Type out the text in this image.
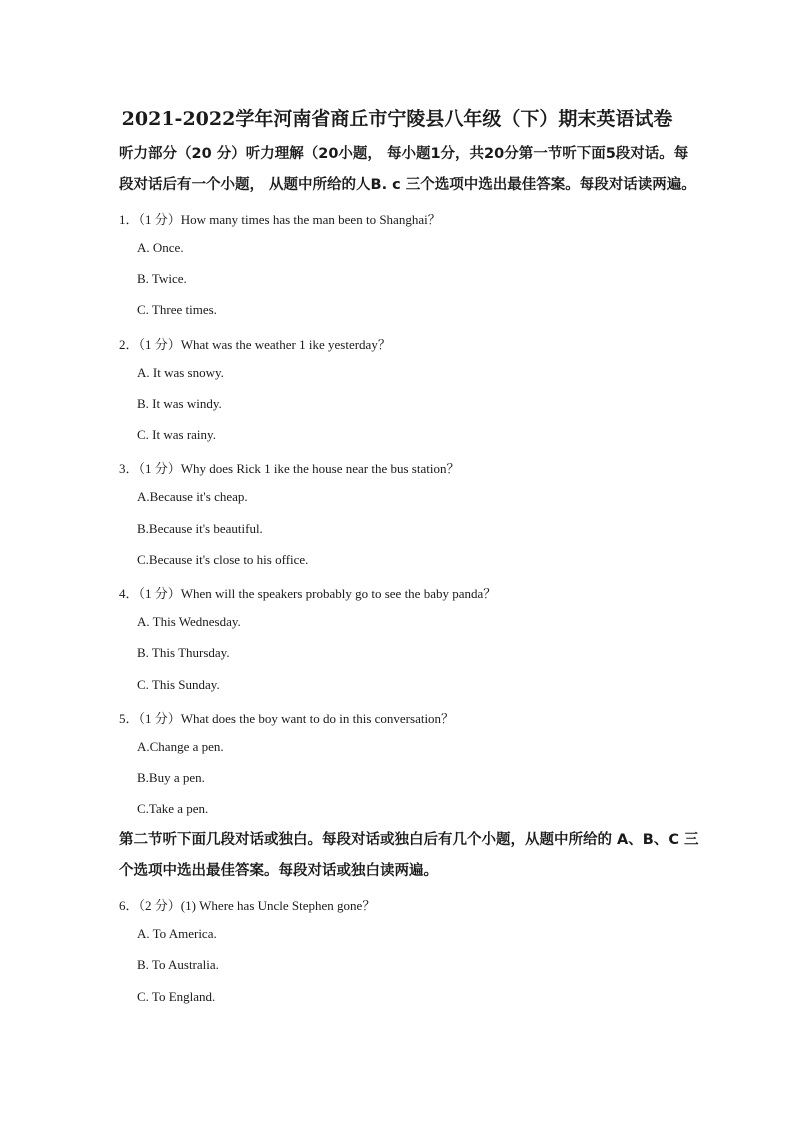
2021-2022学年河南省商丘市宁陵县八年级（下）期末英语试卷
听力部分（20 分）听力理解（20小题， 每小题1分，共20分第一节听下面5段对话。每
段对话后有一个小题， 从题中所给的人B. c 三个选项中选出最佳答案。每段对话读两遍。
1．（1 分）How many times has the man been to Shanghai？
A. Once.
B. Twice.
C. Three times.
2．（1 分）What was the weather 1 ike yesterday？
A. It was snowy.
B. It was windy.
C. It was rainy.
3．（1 分）Why does Rick 1 ike the house near the bus station？
A.Because it's cheap.
B.Because it's beautiful.
C.Because it's close to his office.
4．（1 分）When will the speakers probably go to see the baby panda？
A. This Wednesday.
B. This Thursday.
C. This Sunday.
5．（1 分）What does the boy want to do in this conversation？
A.Change a pen.
B.Buy a pen.
C.Take a pen.
第二节听下面几段对话或独白。每段对话或独白后有几个小题，从题中所给的 A、B、C 三
个选项中选出最佳答案。每段对话或独白读两遍。
6．（2 分）(1) Where has Uncle Stephen gone？
A. To America.
B. To Australia.
C. To England.
